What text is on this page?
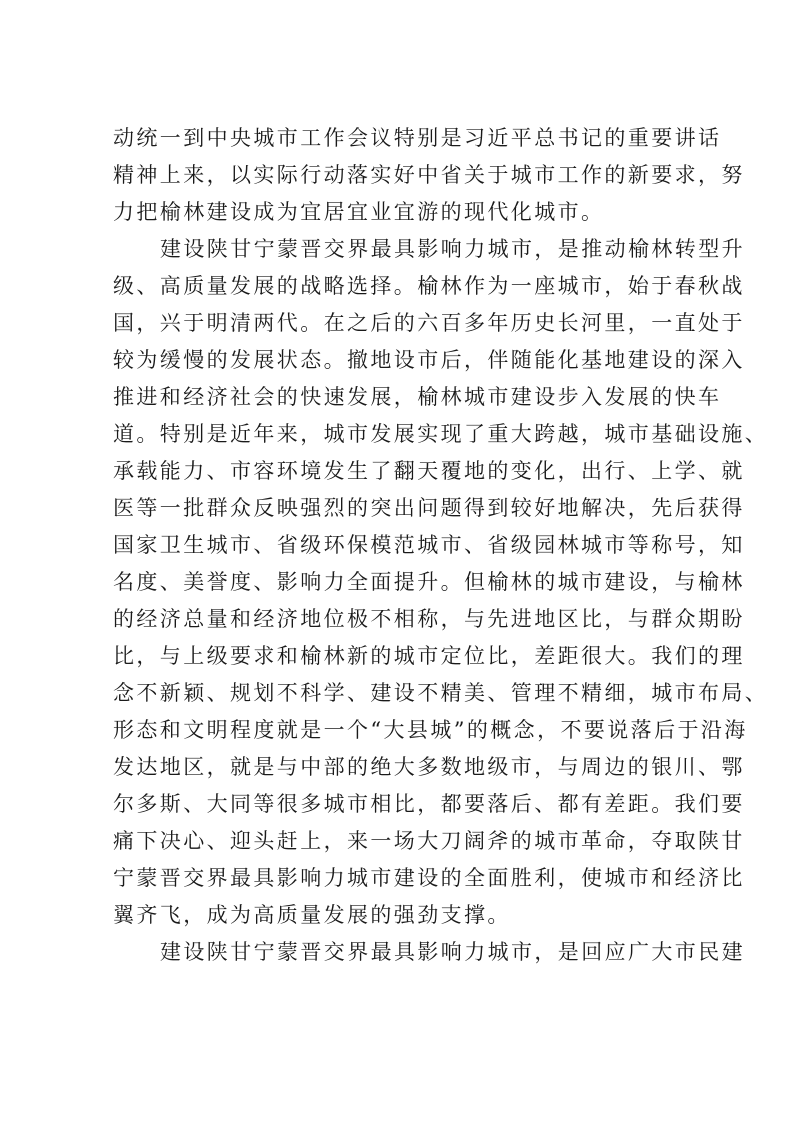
动统一到中央城市工作会议特别是习近平总书记的重要讲话
精神上来，以实际行动落实好中省关于城市工作的新要求，努
力把榆林建设成为宜居宜业宜游的现代化城市。
建设陕甘宁蒙晋交界最具影响力城市，是推动榆林转型升
级、高质量发展的战略选择。榆林作为一座城市，始于春秋战
国，兴于明清两代。在之后的六百多年历史长河里，一直处于
较为缓慢的发展状态。撤地设市后，伴随能化基地建设的深入
推进和经济社会的快速发展，榆林城市建设步入发展的快车
道。特别是近年来，城市发展实现了重大跨越，城市基础设施、
承载能力、市容环境发生了翻天覆地的变化，出行、上学、就
医等一批群众反映强烈的突出问题得到较好地解决，先后获得
国家卫生城市、省级环保模范城市、省级园林城市等称号，知
名度、美誉度、影响力全面提升。但榆林的城市建设，与榆林
的经济总量和经济地位极不相称，与先进地区比，与群众期盼
比，与上级要求和榆林新的城市定位比，差距很大。我们的理
念不新颖、规划不科学、建设不精美、管理不精细，城市布局、
形态和文明程度就是一个“大县城”的概念，不要说落后于沿海
发达地区，就是与中部的绝大多数地级市，与周边的银川、鄂
尔多斯、大同等很多城市相比，都要落后、都有差距。我们要
痛下决心、迎头赶上，来一场大刀阔斧的城市革命，夺取陕甘
宁蒙晋交界最具影响力城市建设的全面胜利，使城市和经济比
翼齐飞，成为高质量发展的强劲支撑。
建设陕甘宁蒙晋交界最具影响力城市，是回应广大市民建
